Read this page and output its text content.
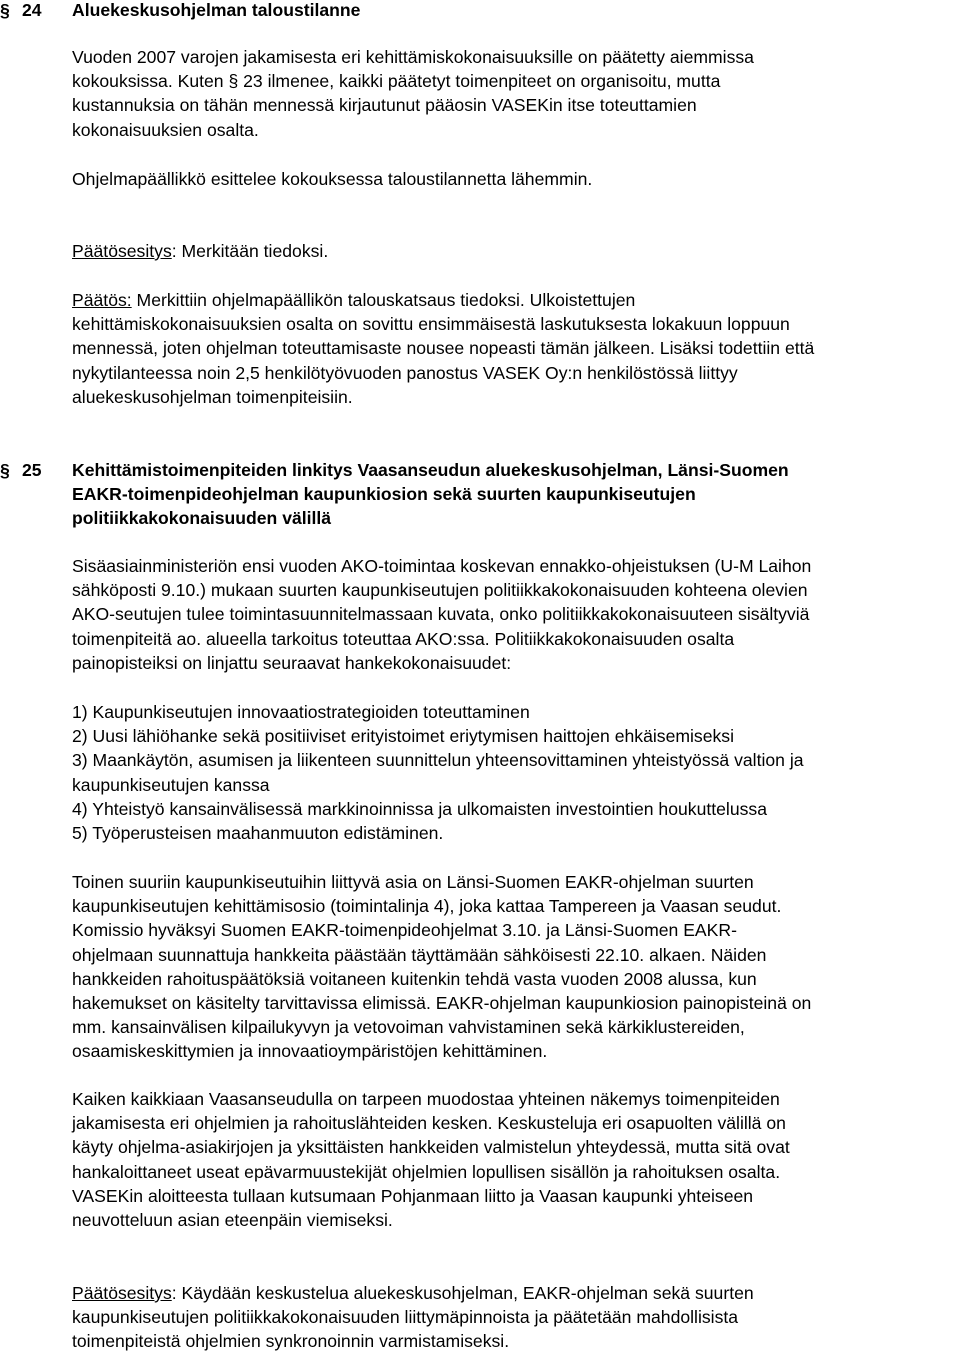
§ 24 Aluekeskusohjelman taloustilanne
Vuoden 2007 varojen jakamisesta eri kehittämiskokonaisuuksille on päätetty aiemmissa
kokouksissa. Kuten § 23 ilmenee, kaikki päätetyt toimenpiteet on organisoitu, mutta
kustannuksia on tähän mennessä kirjautunut pääosin VASEKin itse toteuttamien
kokonaisuuksien osalta.
Ohjelmapäällikkö esittelee kokouksessa taloustilannetta lähemmin.
Päätösesitys: Merkitään tiedoksi.
Päätös: Merkittiin ohjelmapäällikön talouskatsaus tiedoksi. Ulkoistettujen
kehittämiskokonaisuuksien osalta on sovittu ensimmäisestä laskutuksesta lokakuun loppuun
mennessä, joten ohjelman toteuttamisaste nousee nopeasti tämän jälkeen. Lisäksi todettiin että
nykytilanteessa noin 2,5 henkilötyövuoden panostus VASEK Oy:n henkilöstössä liittyy
aluekeskusohjelman toimenpiteisiin.
§ 25 Kehittämistoimenpiteiden linkitys Vaasanseudun aluekeskusohjelman, Länsi-Suomen
EAKR-toimenpideohjelman kaupunkiosion sekä suurten kaupunkiseutujen
politiikkakokonaisuuden välillä
Sisäasiainministeriön ensi vuoden AKO-toimintaa koskevan ennakko-ohjeistuksen (U-M Laihon
sähköposti 9.10.) mukaan suurten kaupunkiseutujen politiikkakokonaisuuden kohteena olevien
AKO-seutujen tulee toimintasuunnitelmassaan kuvata, onko politiikkakokonaisuuteen sisältyviä
toimenpiteitä ao. alueella tarkoitus toteuttaa AKO:ssa. Politiikkakokonaisuuden osalta
painopisteiksi on linjattu seuraavat hankekokonaisuudet:
1) Kaupunkiseutujen innovaatiostrategioiden toteuttaminen
2) Uusi lähiöhanke sekä positiiviset erityistoimet eriytymisen haittojen ehkäisemiseksi
3) Maankäytön, asumisen ja liikenteen suunnittelun yhteensovittaminen yhteistyössä valtion ja
kaupunkiseutujen kanssa
4) Yhteistyö kansainvälisessä markkinoinnissa ja ulkomaisten investointien houkuttelussa
5) Työperusteisen maahanmuuton edistäminen.
Toinen suuriin kaupunkiseutuihin liittyvä asia on Länsi-Suomen EAKR-ohjelman suurten
kaupunkiseutujen kehittämisosio (toimintalinja 4), joka kattaa Tampereen ja Vaasan seudut.
Komissio hyväksyi Suomen EAKR-toimenpideohjelmat 3.10. ja Länsi-Suomen EAKR-
ohjelmaan suunnattuja hankkeita päästään täyttämään sähköisesti 22.10. alkaen. Näiden
hankkeiden rahoituspäätöksiä voitaneen kuitenkin tehdä vasta vuoden 2008 alussa, kun
hakemukset on käsitelty tarvittavissa elimissä. EAKR-ohjelman kaupunkiosion painopisteinä on
mm. kansainvälisen kilpailukyvyn ja vetovoiman vahvistaminen sekä kärkiklustereiden,
osaamiskeskittymien ja innovaatioympäristöjen kehittäminen.
Kaiken kaikkiaan Vaasanseudulla on tarpeen muodostaa yhteinen näkemys toimenpiteiden
jakamisesta eri ohjelmien ja rahoituslähteiden kesken. Keskusteluja eri osapuolten välillä on
käyty ohjelma-asiakirjojen ja yksittäisten hankkeiden valmistelun yhteydessä, mutta sitä ovat
hankaloittaneet useat epävarmuustekijät ohjelmien lopullisen sisällön ja rahoituksen osalta.
VASEKin aloitteesta tullaan kutsumaan Pohjanmaan liitto ja Vaasan kaupunki yhteiseen
neuvotteluun asian eteenpäin viemiseksi.
Päätösesitys: Käydään keskustelua aluekeskusohjelman, EAKR-ohjelman sekä suurten
kaupunkiseutujen politiikkakokonaisuuden liittymäpinnoista ja päätetään mahdollisista
toimenpiteistä ohjelmien synkronoinnin varmistamiseksi.
